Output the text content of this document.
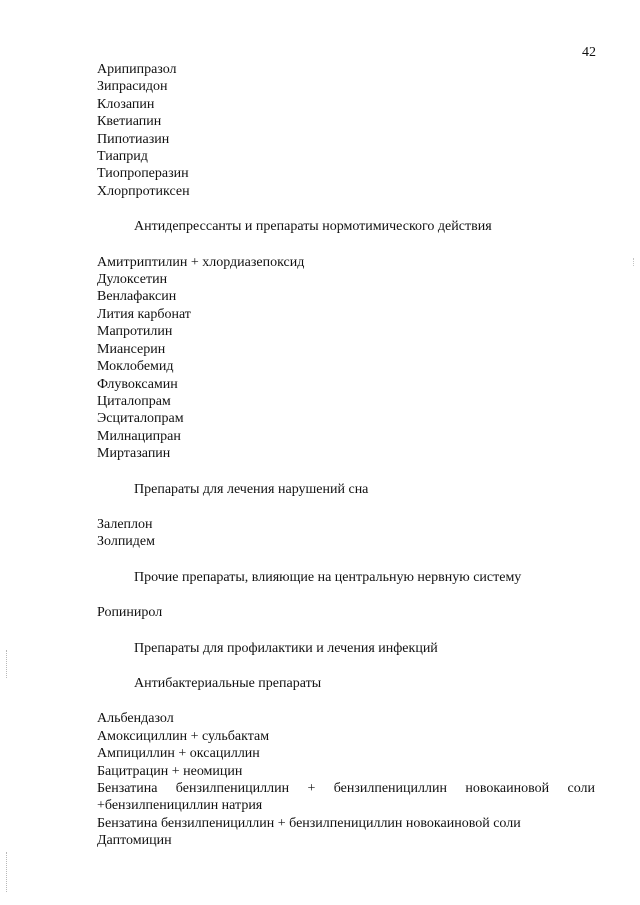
42
Арипипразол
Зипрасидон
Клозапин
Кветиапин
Пипотиазин
Тиаприд
Тиопроперазин
Хлорпротиксен
Антидепрессанты и препараты нормотимического действия
Амитриптилин + хлордиазепоксид
Дулоксетин
Венлафаксин
Лития карбонат
Мапротилин
Миансерин
Моклобемид
Флувоксамин
Циталопрам
Эсциталопрам
Милнаципран
Миртазапин
Препараты для лечения нарушений сна
Залеплон
Золпидем
Прочие препараты, влияющие на центральную нервную систему
Ропинирол
Препараты для профилактики и лечения инфекций
Антибактериальные препараты
Альбендазол
Амоксициллин + сульбактам
Ампициллин + оксациллин
Бацитрацин + неомицин
Бензатина бензилпенициллин + бензилпенициллин новокаиновой соли
+бензилпенициллин натрия
Бензатина бензилпенициллин + бензилпенициллин новокаиновой соли
Даптомицин
